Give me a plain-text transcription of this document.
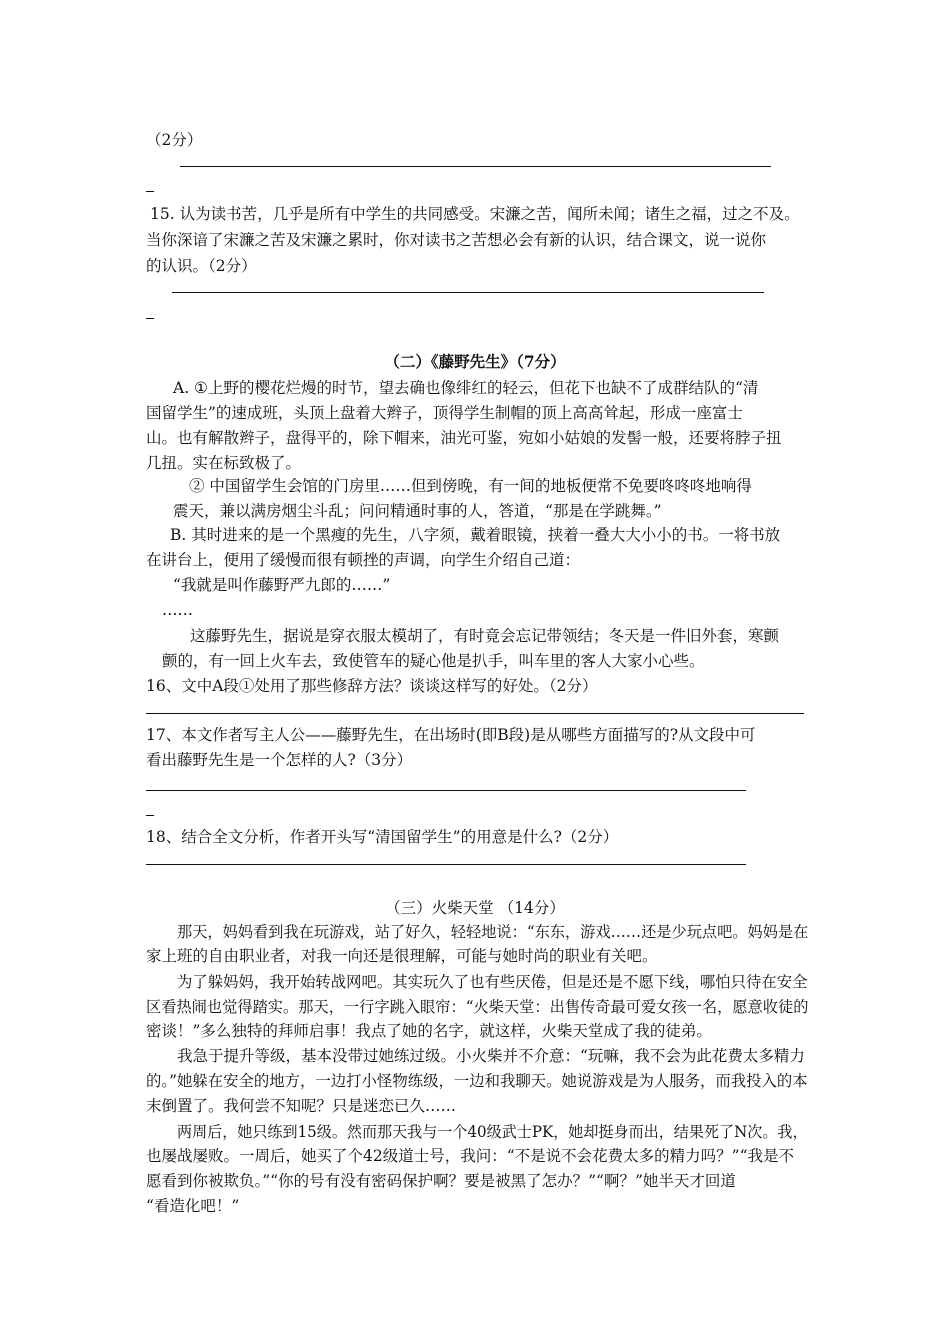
（2分）
15. 认为读书苦，几乎是所有中学生的共同感受。宋濂之苦，闻所未闻；诸生之福，过之不及。
当你深谙了宋濂之苦及宋濂之累时，你对读书之苦想必会有新的认识，结合课文，说一说你
的认识。（2分）
（二）《藤野先生》（7分）
A. ①上野的樱花烂熳的时节，望去确也像绯红的轻云，但花下也缺不了成群结队的“清
国留学生”的速成班，头顶上盘着大辫子，顶得学生制帽的顶上高高耸起，形成一座富士
山。也有解散辫子，盘得平的，除下帽来，油光可鉴，宛如小姑娘的发髻一般，还要将脖子扭
几扭。实在标致极了。
② 中国留学生会馆的门房里……但到傍晚，有一间的地板便常不免要咚咚咚地响得
震天，兼以满房烟尘斗乱；问问精通时事的人，答道，“那是在学跳舞。”
B. 其时进来的是一个黑瘦的先生，八字须，戴着眼镜，挟着一叠大大小小的书。一将书放
在讲台上，便用了缓慢而很有顿挫的声调，向学生介绍自己道：
“我就是叫作藤野严九郎的……”
……
这藤野先生，据说是穿衣服太模胡了，有时竟会忘记带领结；冬天是一件旧外套，寒颤
颤的，有一回上火车去，致使管车的疑心他是扒手，叫车里的客人大家小心些。
16、文中A段①处用了那些修辞方法？谈谈这样写的好处。（2分）
17、本文作者写主人公——藤野先生，在出场时(即B段)是从哪些方面描写的?从文段中可
看出藤野先生是一个怎样的人?（3分）
18、结合全文分析，作者开头写“清国留学生”的用意是什么?（2分）
（三）火柴天堂 （14分）
那天，妈妈看到我在玩游戏，站了好久，轻轻地说：“东东，游戏……还是少玩点吧。妈妈是在
家上班的自由职业者，对我一向还是很理解，可能与她时尚的职业有关吧。
为了躲妈妈，我开始转战网吧。其实玩久了也有些厌倦，但是还是不愿下线，哪怕只待在安全
区看热闹也觉得踏实。那天，一行字跳入眼帘：“火柴天堂：出售传奇最可爱女孩一名，愿意收徒的
密谈！”多么独特的拜师启事！我点了她的名字，就这样，火柴天堂成了我的徒弟。
我急于提升等级，基本没带过她练过级。小火柴并不介意：“玩嘛，我不会为此花费太多精力
的。”她躲在安全的地方，一边打小怪物练级，一边和我聊天。她说游戏是为人服务，而我投入的本
末倒置了。我何尝不知呢？只是迷恋已久……
两周后，她只练到15级。然而那天我与一个40级武士PK，她却挺身而出，结果死了N次。我，
也屡战屡败。一周后，她买了个42级道士号，我问：“不是说不会花费太多的精力吗？”“我是不
愿看到你被欺负。”“你的号有没有密码保护啊？要是被黑了怎办？”“啊？”她半天才回道
“看造化吧！”
